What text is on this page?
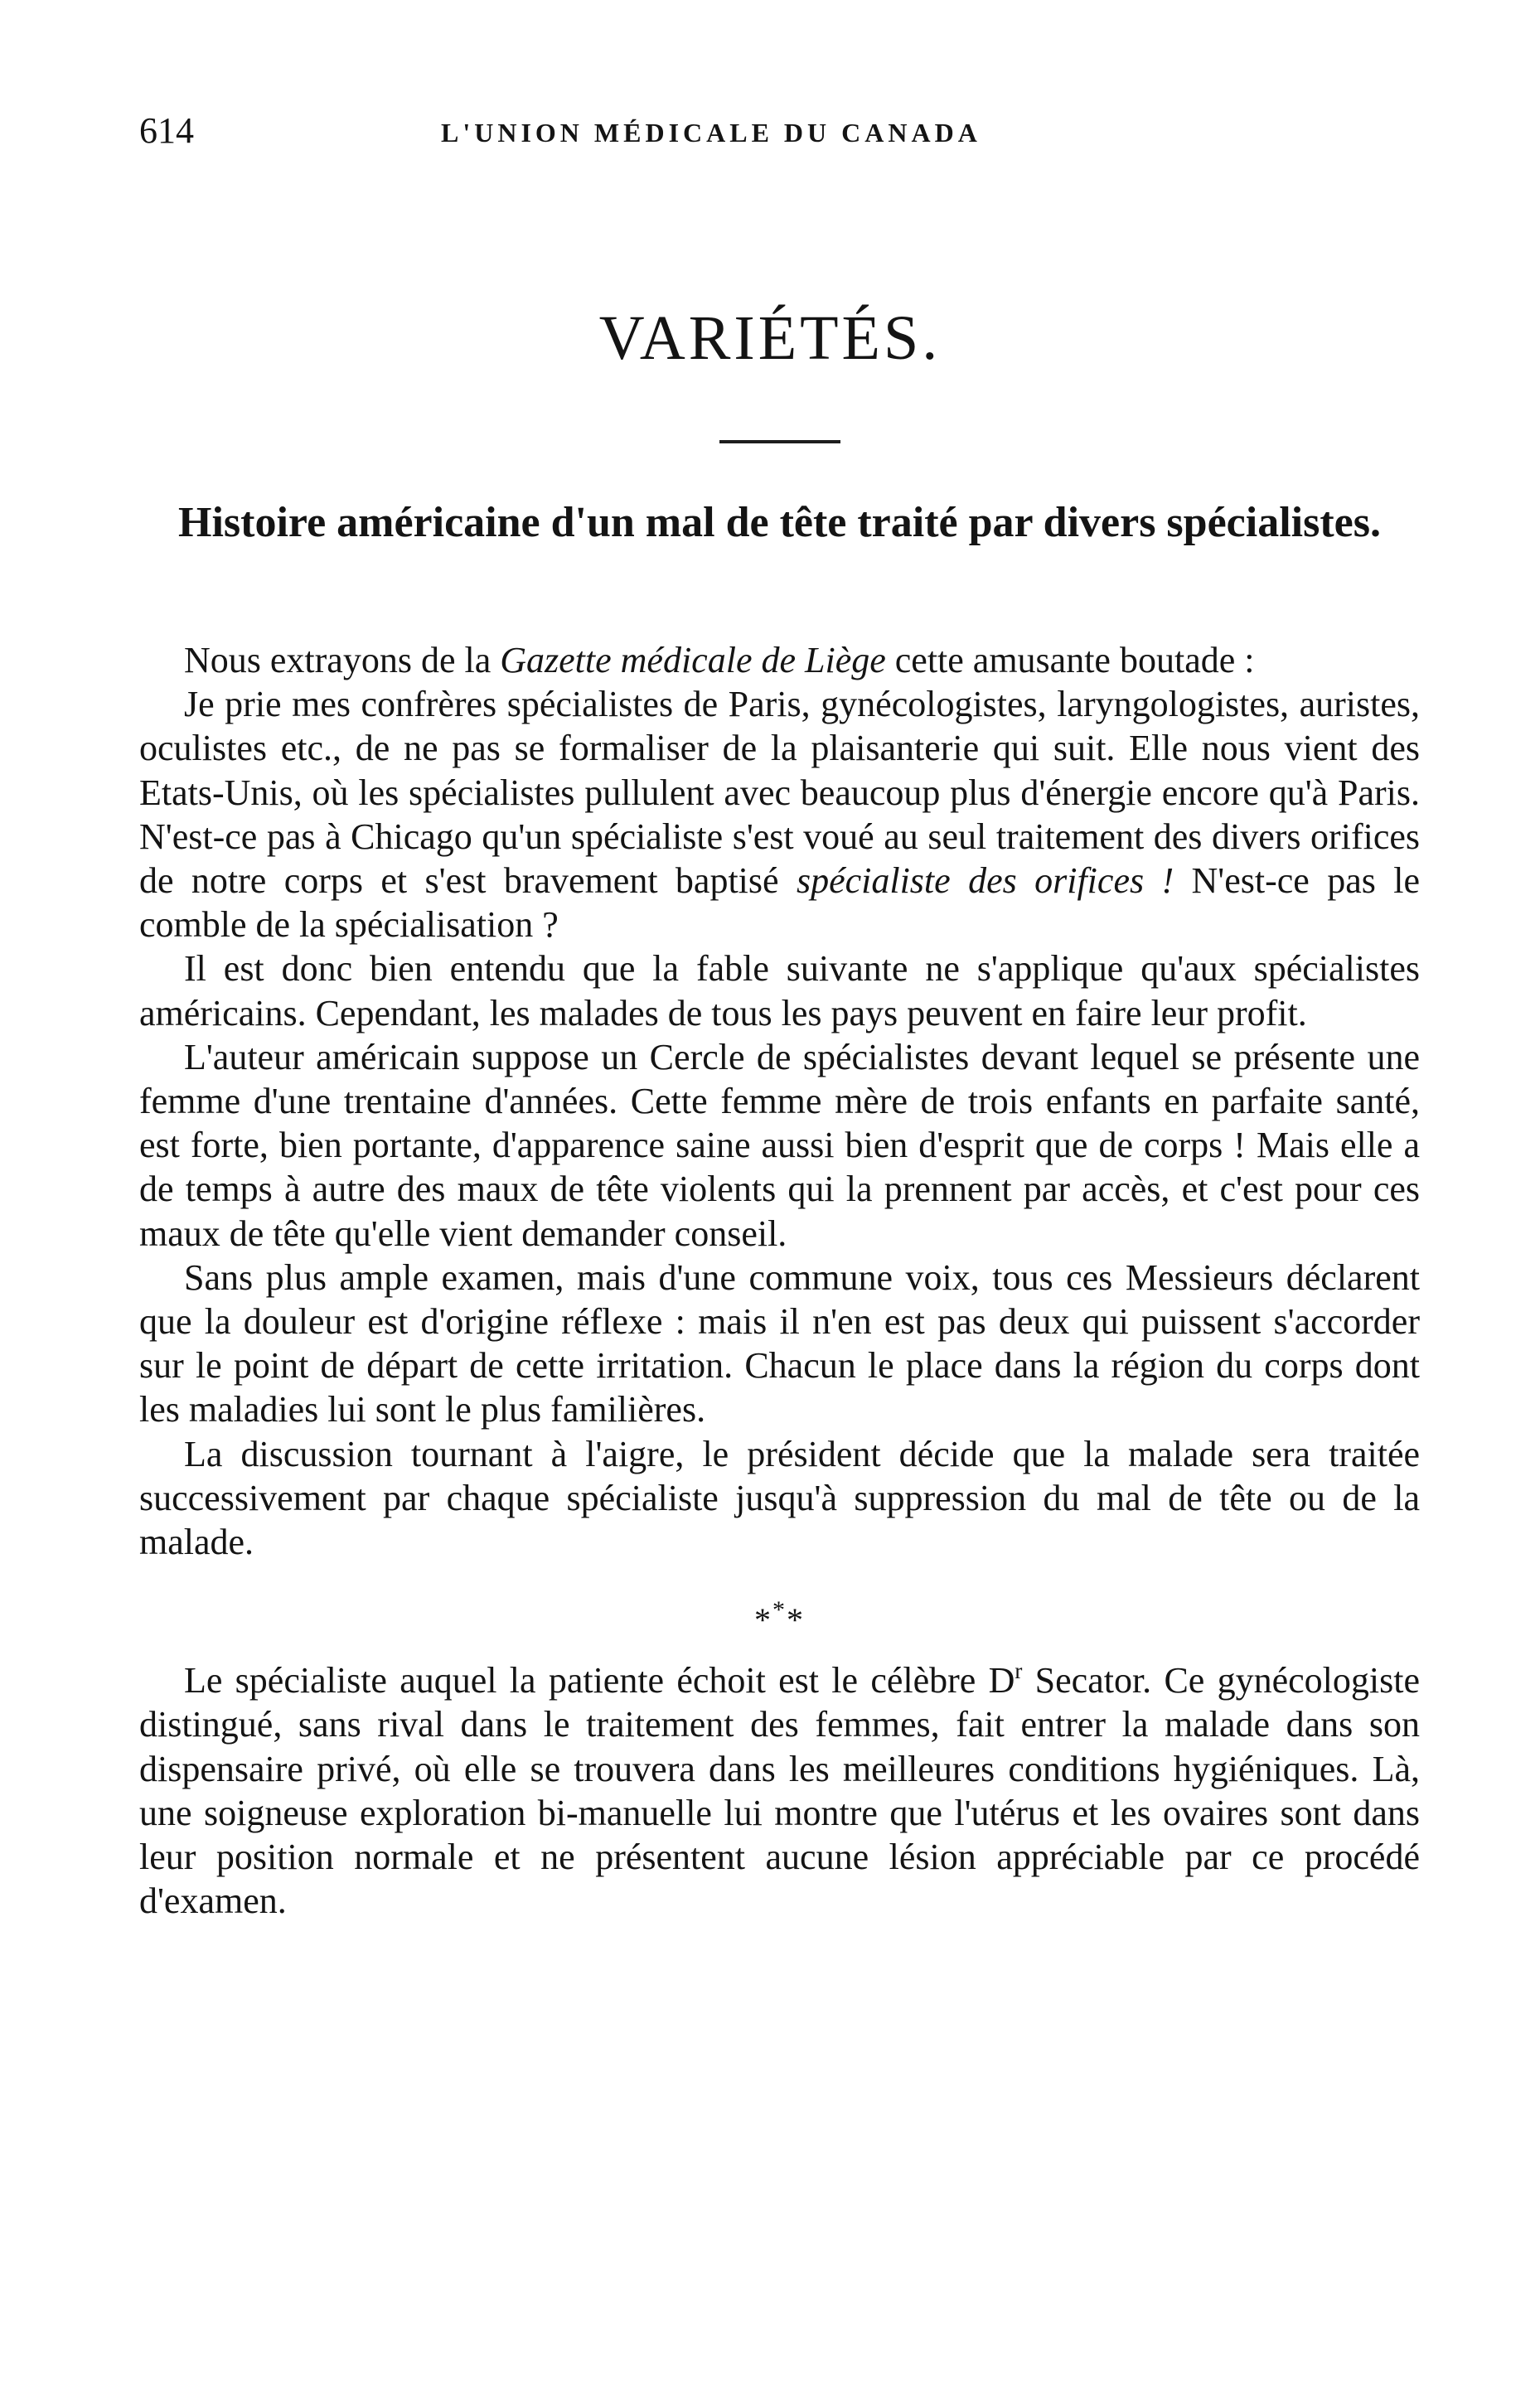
614	L'UNION MÉDICALE DU CANADA
VARIÉTÉS.
Histoire américaine d'un mal de tête traité par divers spécialistes.

Nous extrayons de la Gazette médicale de Liège cette amusante boutade :

Je prie mes confrères spécialistes de Paris, gynécologistes, laryngologistes, auristes, oculistes etc., de ne pas se formaliser de la plaisanterie qui suit. Elle nous vient des Etats-Unis, où les spécialistes pullulent avec beaucoup plus d'énergie encore qu'à Paris. N'est-ce pas à Chicago qu'un spécialiste s'est voué au seul traitement des divers orifices de notre corps et s'est bravement baptisé spécialiste des orifices ! N'est-ce pas le comble de la spécialisation ?

Il est donc bien entendu que la fable suivante ne s'applique qu'aux spécialistes américains. Cependant, les malades de tous les pays peuvent en faire leur profit.

L'auteur américain suppose un Cercle de spécialistes devant lequel se présente une femme d'une trentaine d'années. Cette femme mère de trois enfants en parfaite santé, est forte, bien portante, d'apparence saine aussi bien d'esprit que de corps ! Mais elle a de temps à autre des maux de tête violents qui la prennent par accès, et c'est pour ces maux de tête qu'elle vient demander conseil.

Sans plus ample examen, mais d'une commune voix, tous ces Messieurs déclarent que la douleur est d'origine réflexe : mais il n'en est pas deux qui puissent s'accorder sur le point de départ de cette irritation. Chacun le place dans la région du corps dont les maladies lui sont le plus familières.

La discussion tournant à l'aigre, le président décide que la malade sera traitée successivement par chaque spécialiste jusqu'à suppression du mal de tête ou de la malade.

***

Le spécialiste auquel la patiente échoit est le célèbre $D^r$ Secator. Ce gynécologiste distingué, sans rival dans le traitement des femmes, fait entrer la malade dans son dispensaire privé, où elle se trouvera dans les meilleures conditions hygiéniques. Là, une soigneuse exploration bi-manuelle lui montre que l'utérus et les ovaires sont dans leur position normale et ne présentent aucune lésion appréciable par ce procédé d'examen.
